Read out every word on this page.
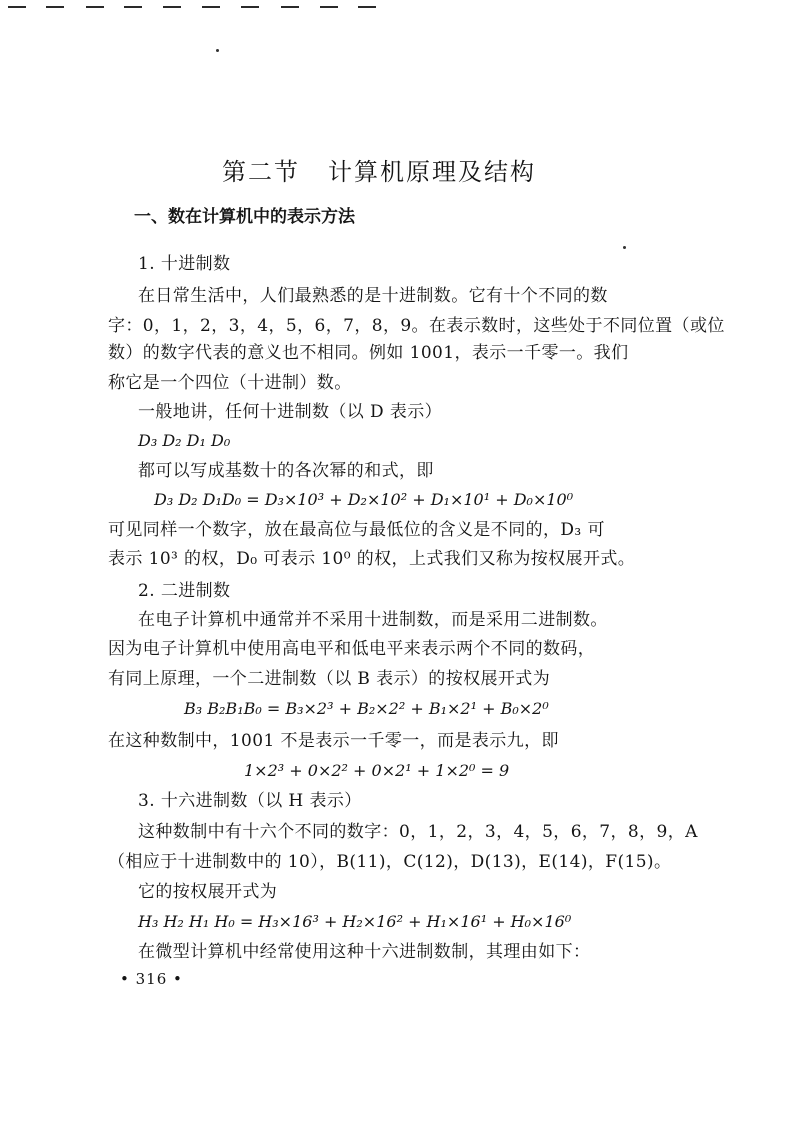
第二节 计算机原理及结构
一、数在计算机中的表示方法
1. 十进制数
在日常生活中，人们最熟悉的是十进制数。它有十个不同的数
字：0，1，2，3，4，5，6，7，8，9。在表示数时，这些处于不同位置（或位
数）的数字代表的意义也不相同。例如 1001，表示一千零一。我们
称它是一个四位（十进制）数。
一般地讲，任何十进制数（以 D 表示）
D₃ D₂ D₁ D₀
都可以写成基数十的各次幂的和式，即
D₃ D₂ D₁D₀ = D₃×10³ + D₂×10² + D₁×10¹ + D₀×10⁰
可见同样一个数字，放在最高位与最低位的含义是不同的，D₃ 可
表示 10³ 的权，D₀ 可表示 10⁰ 的权，上式我们又称为按权展开式。
2. 二进制数
在电子计算机中通常并不采用十进制数，而是采用二进制数。
因为电子计算机中使用高电平和低电平来表示两个不同的数码，
有同上原理，一个二进制数（以 B 表示）的按权展开式为
B₃ B₂B₁B₀ = B₃×2³ + B₂×2² + B₁×2¹ + B₀×2⁰
在这种数制中，1001 不是表示一千零一，而是表示九，即
1×2³ + 0×2² + 0×2¹ + 1×2⁰ = 9
3. 十六进制数（以 H 表示）
这种数制中有十六个不同的数字：0，1，2，3，4，5，6，7，8，9，A
（相应于十进制数中的 10），B(11)，C(12)，D(13)，E(14)，F(15)。
它的按权展开式为
H₃ H₂ H₁ H₀ = H₃×16³ + H₂×16² + H₁×16¹ + H₀×16⁰
在微型计算机中经常使用这种十六进制数制，其理由如下：
• 316 •
